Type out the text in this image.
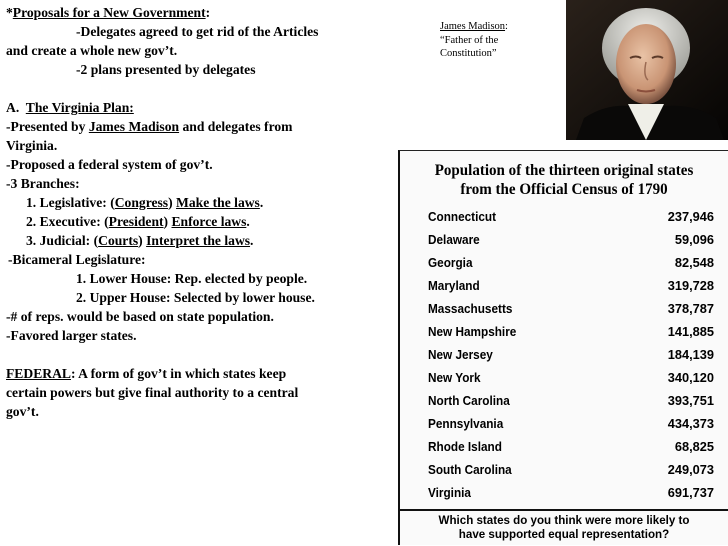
*Proposals for a New Government:
-Delegates agreed to get rid of the Articles
and create a whole new gov’t.
-2 plans presented by delegates
A.  The Virginia Plan:
-Presented by James Madison and delegates from
Virginia.
-Proposed a federal system of gov’t.
-3 Branches:
1. Legislative: (Congress) Make the laws.
2. Executive: (President) Enforce laws.
3. Judicial: (Courts) Interpret the laws.
-Bicameral Legislature:
1. Lower House: Rep. elected by people.
2. Upper House: Selected by lower house.
-# of reps. would be based on state population.
-Favored larger states.
FEDERAL: A form of gov’t in which states keep
certain powers but give final authority to a central
gov’t.
James Madison:
“Father of the
Constitution”
Population of the thirteen original states
from the Official Census of 1790
Connecticut	237,946
Delaware	59,096
Georgia	82,548
Maryland	319,728
Massachusetts	378,787
New Hampshire	141,885
New Jersey	184,139
New York	340,120
North Carolina	393,751
Pennsylvania	434,373
Rhode Island	68,825
South Carolina	249,073
Virginia	691,737
Which states do you think were more likely to
have supported equal representation?
